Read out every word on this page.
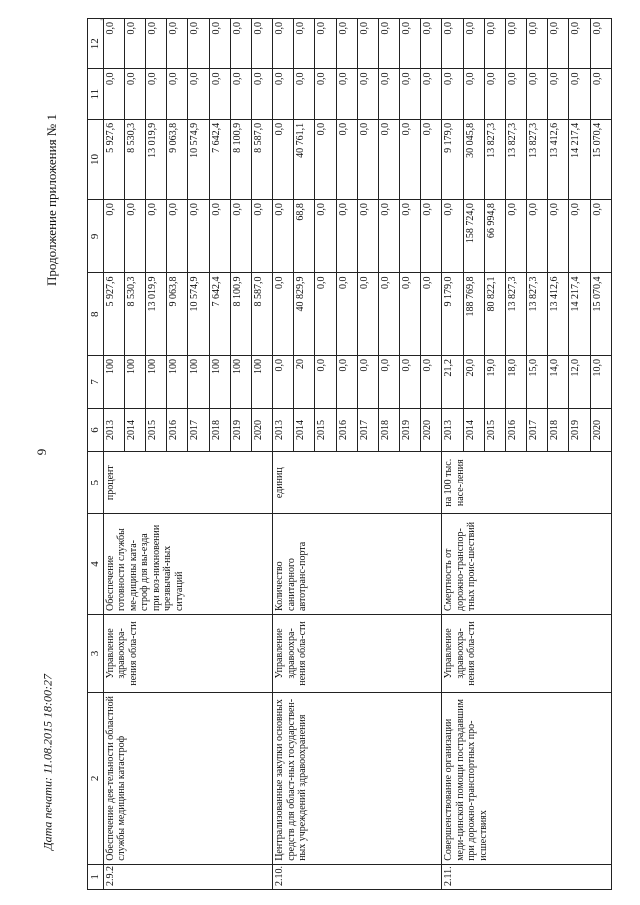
-
Продолжение приложения № 1
9
Дата печати: 11.08.2015 18:00:27
1	2	3	4	5	6	7	8	9	10	11	12
2.9.2	Обеспечение дея-тельности областной службы медицины катастроф	Управление здравоохра-нения обла-сти	Обеспечение готовности службы ме-дицины ката-строф для вы-езда при воз-никновении чрезвычай-ных ситуаций	процент	2013	100	5 927,6	0,0	5 927,6	0,0	0,0
					2014	100	8 530,3	0,0	8 530,3	0,0	0,0
					2015	100	13 019,9	0,0	13 019,9	0,0	0,0
					2016	100	9 063,8	0,0	9 063,8	0,0	0,0
					2017	100	10 574,9	0,0	10 574,9	0,0	0,0
					2018	100	7 642,4	0,0	7 642,4	0,0	0,0
					2019	100	8 100,9	0,0	8 100,9	0,0	0,0
					2020	100	8 587,0	0,0	8 587,0	0,0	0,0
2.10.	Централизованные закупки основных средств для област-ных государствен-ных учреждений здравоохранения	Управление здравоохра-нения обла-сти	Количество санитарного автотранс-порта	единиц	2013	0,0	0,0	0,0	0,0	0,0	0,0
					2014	20	40 829,9	68,8	40 761,1	0,0	0,0
					2015	0,0	0,0	0,0	0,0	0,0	0,0
					2016	0,0	0,0	0,0	0,0	0,0	0,0
					2017	0,0	0,0	0,0	0,0	0,0	0,0
					2018	0,0	0,0	0,0	0,0	0,0	0,0
					2019	0,0	0,0	0,0	0,0	0,0	0,0
					2020	0,0	0,0	0,0	0,0	0,0	0,0
2.11.	Совершенствование организации меди-цинской помощи пострадавшим при дорожно-транспортных про-исшествиях	Управление здравоохра-нения обла-сти	Смертность от дорожно-транспор-тных проис-шествий	на 100 тыс. насе-ления	2013	21,2	9 179,0	0,0	9 179,0	0,0	0,0
					2014	20,0	188 769,8	158 724,0	30 045,8	0,0	0,0
					2015	19,0	80 822,1	66 994,8	13 827,3	0,0	0,0
					2016	18,0	13 827,3	0,0	13 827,3	0,0	0,0
					2017	15,0	13 827,3	0,0	13 827,3	0,0	0,0
					2018	14,0	13 412,6	0,0	13 412,6	0,0	0,0
					2019	12,0	14 217,4	0,0	14 217,4	0,0	0,0
					2020	10,0	15 070,4	0,0	15 070,4	0,0	0,0
